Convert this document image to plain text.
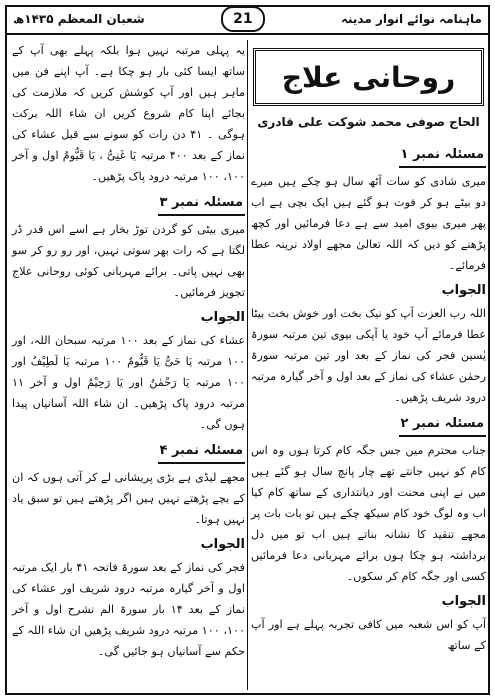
شعبان المعظم ۱۴۳۵ھ	21	ماہنامہ نوائے انوار مدینہ
روحانی علاج
الحاج صوفی محمد شوکت علی قادری
مسئلہ نمبر ۱

میری شادی کو سات آٹھ سال ہو چکے ہیں میرے دو بیٹے ہو کر فوت ہو گئے ہیں ایک بچی ہے اب پھر میری بیوی امید سے ہے دعا فرمائیں اور کچھ پڑھنے کو دیں کہ اللہ تعالیٰ مجھے اولاد نرینہ عطا فرمائے۔

الجواب

اللہ رب العزت آپ کو نیک بخت اور خوش بخت بیٹا عطا فرمائے آپ خود یا آپکی بیوی تین مرتبہ سورۃ یٰسین فجر کی نماز کے بعد اور تین مرتبہ سورۃ رحمٰن عشاء کی نماز کے بعد اول و آخر گیارہ مرتبہ درود شریف پڑھیں۔

مسئلہ نمبر ۲

جناب محترم میں جس جگہ کام کرتا ہوں وہ اس کام کو نہیں جانتے تھے چار پانچ سال ہو گئے ہیں میں نے اپنی محنت اور دیانتداری کے ساتھ کام کیا اب وہ لوگ خود کام سیکھ چکے ہیں تو بات بات پر مجھے تنقید کا نشانہ بناتے ہیں اب تو میں دل برداشتہ ہو چکا ہوں برائے مہربانی دعا فرمائیں کسی اور جگہ کام کر سکوں۔

الجواب

آپ کو اس شعبہ میں کافی تجربہ پہلے ہے اور آپ کے ساتھ

یہ پہلی مرتبہ نہیں ہوا بلکہ پہلے بھی آپ کے ساتھ ایسا کئی بار ہو چکا ہے۔ آپ اپنے فن میں ماہر ہیں اور آپ کوشش کریں کہ ملازمت کی بجائے اپنا کام شروع کریں ان شاء اللہ برکت ہوگی ۔ ۴۱ دن رات کو سونے سے قبل عشاء کی نماز کے بعد ۴۰۰ مرتبہ یَا غَنِیُّ ، یَا قَیُّومُ اول و آخر ۱۰۰، ۱۰۰ مرتبہ درود پاک پڑھیں۔

مسئلہ نمبر ۳

میری بیٹی کو گردن توڑ بخار ہے اسے اس قدر ڈر لگتا ہے کہ رات بھر سوتی نہیں، اور رو رو کر سو بھی نہیں پاتی۔ برائے مہربانی کوئی روحانی علاج تجویز فرمائیں۔

الجواب

عشاء کی نماز کے بعد ۱۰۰ مرتبہ سبحان اللہ، اور ۱۰۰ مرتبہ یَا حَیُّ یَا قَیُّومُ ۱۰۰ مرتبہ یَا لَطِیْفُ اور ۱۰۰ مرتبہ یَا رَحْمٰنُ اور یَا رَحِیْمُ اول و آخر ۱۱ مرتبہ درود پاک پڑھیں۔ ان شاء اللہ آسانیاں پیدا ہوں گی۔

مسئلہ نمبر ۴

مجھے لیڈی ہے بڑی پریشانی لے کر آتی ہوں کہ ان کے بچے پڑھتے نہیں ہیں اگر پڑھتے ہیں تو سبق یاد نہیں ہوتا۔

الجواب

فجر کی نماز کے بعد سورۃ فاتحہ ۴۱ بار ایک مرتبہ اول و آخر گیارہ مرتبہ درود شریف اور عشاء کی نماز کے بعد ۱۴ بار سورۃ الم نشرح اول و آخر ۱۰۰، ۱۰۰ مرتبہ درود شریف پڑھیں ان شاء اللہ کے حکم سے آسانیاں ہو جائیں گی۔
